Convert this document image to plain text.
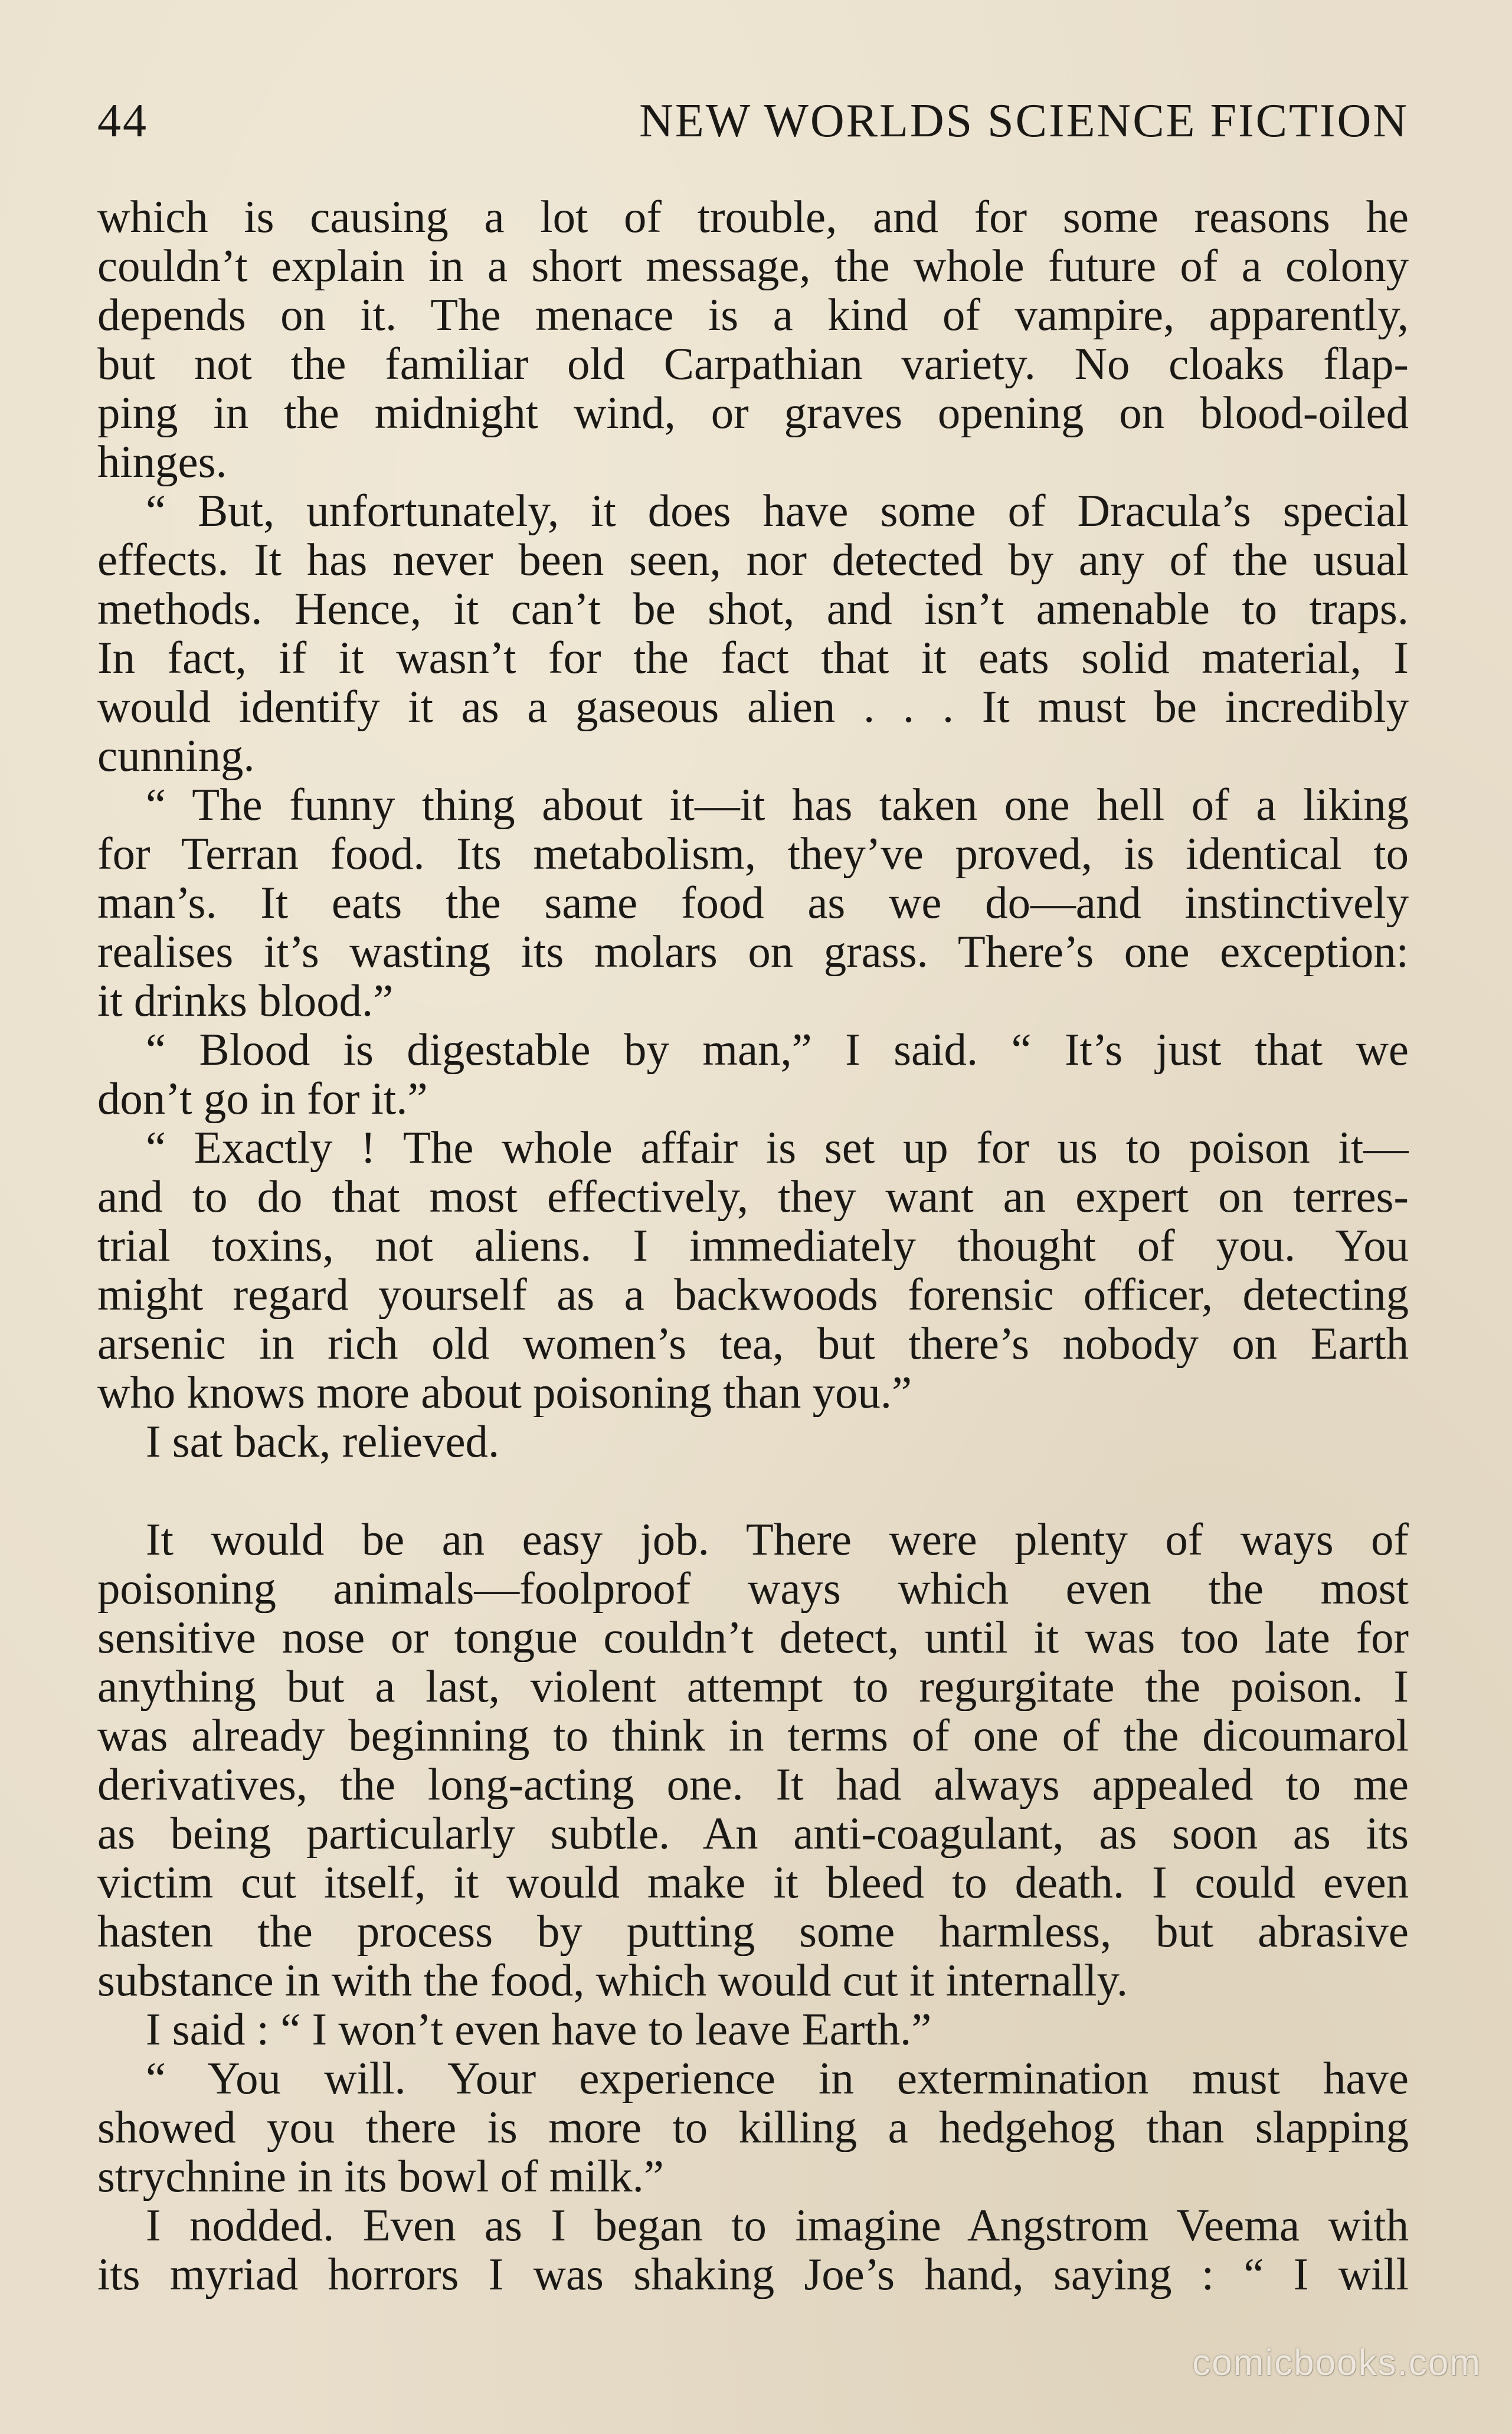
44	NEW WORLDS SCIENCE FICTION
which is causing a lot of trouble, and for some reasons he
couldn’t explain in a short message, the whole future of a colony
depends on it. The menace is a kind of vampire, apparently,
but not the familiar old Carpathian variety. No cloaks flap-
ping in the midnight wind, or graves opening on blood-oiled
hinges.
“ But, unfortunately, it does have some of Dracula’s special
effects. It has never been seen, nor detected by any of the usual
methods. Hence, it can’t be shot, and isn’t amenable to traps.
In fact, if it wasn’t for the fact that it eats solid material, I
would identify it as a gaseous alien . . . It must be incredibly
cunning.
“ The funny thing about it—it has taken one hell of a liking
for Terran food. Its metabolism, they’ve proved, is identical to
man’s. It eats the same food as we do—and instinctively
realises it’s wasting its molars on grass. There’s one exception:
it drinks blood.”
“ Blood is digestable by man,” I said. “ It’s just that we
don’t go in for it.”
“ Exactly ! The whole affair is set up for us to poison it—
and to do that most effectively, they want an expert on terres-
trial toxins, not aliens. I immediately thought of you. You
might regard yourself as a backwoods forensic officer, detecting
arsenic in rich old women’s tea, but there’s nobody on Earth
who knows more about poisoning than you.”
I sat back, relieved.
It would be an easy job. There were plenty of ways of
poisoning animals—foolproof ways which even the most
sensitive nose or tongue couldn’t detect, until it was too late for
anything but a last, violent attempt to regurgitate the poison. I
was already beginning to think in terms of one of the dicoumarol
derivatives, the long-acting one. It had always appealed to me
as being particularly subtle. An anti-coagulant, as soon as its
victim cut itself, it would make it bleed to death. I could even
hasten the process by putting some harmless, but abrasive
substance in with the food, which would cut it internally.
I said : “ I won’t even have to leave Earth.”
“ You will. Your experience in extermination must have
showed you there is more to killing a hedgehog than slapping
strychnine in its bowl of milk.”
I nodded. Even as I began to imagine Angstrom Veema with
its myriad horrors I was shaking Joe’s hand, saying : “ I will
comicbooks.com
